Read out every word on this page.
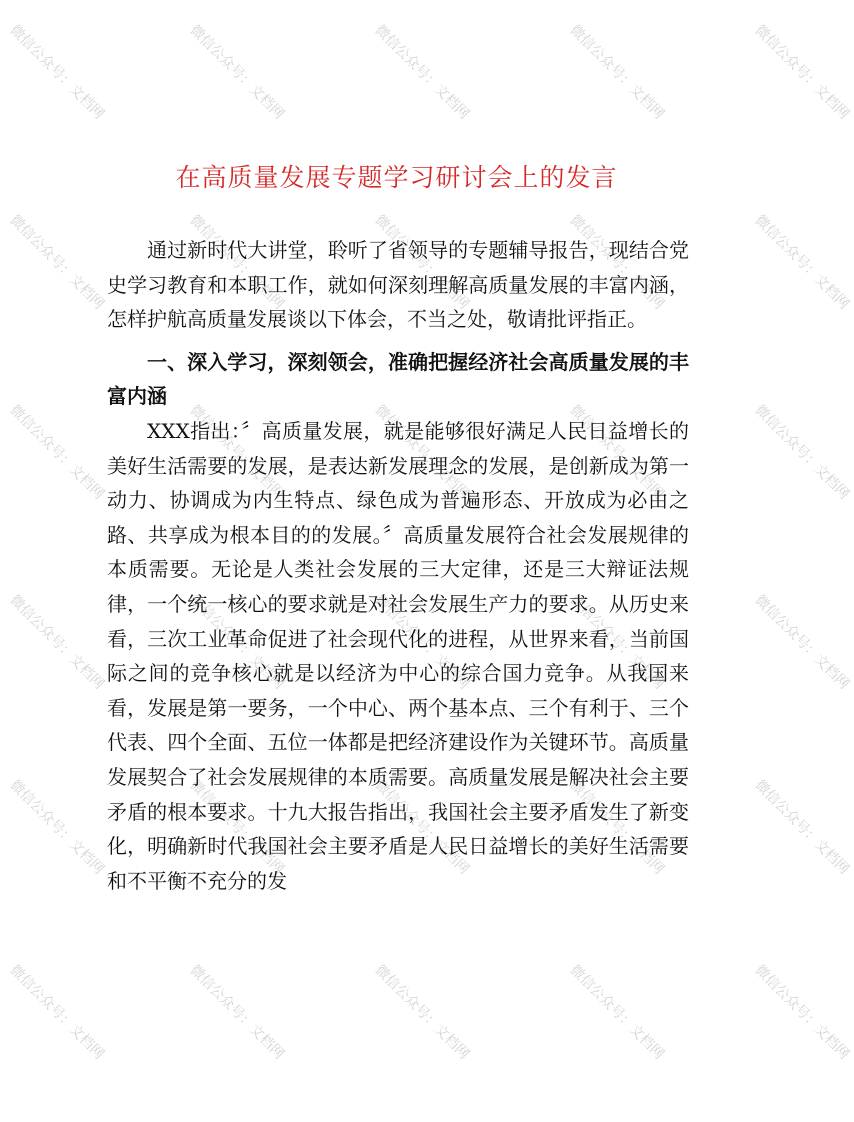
微信公众号：文档网	微信公众号：文档网	微信公众号：文档网	微信公众号：文档网	微信公众号：文档网
微信公众号：文档网	微信公众号：文档网	微信公众号：文档网	微信公众号：文档网	微信公众号：文档网
微信公众号：文档网	微信公众号：文档网	微信公众号：文档网	微信公众号：文档网	微信公众号：文档网
微信公众号：文档网	微信公众号：文档网	微信公众号：文档网	微信公众号：文档网	微信公众号：文档网
微信公众号：文档网	微信公众号：文档网	微信公众号：文档网	微信公众号：文档网	微信公众号：文档网
微信公众号：文档网	微信公众号：文档网	微信公众号：文档网	微信公众号：文档网	微信公众号：文档网
在高质量发展专题学习研讨会上的发言

通过新时代大讲堂，聆听了省领导的专题辅导报告，现结合党史学习教育和本职工作，就如何深刻理解高质量发展的丰富内涵，怎样护航高质量发展谈以下体会，不当之处，敬请批评指正。

一、深入学习，深刻领会，准确把握经济社会高质量发展的丰富内涵

XXX指出：〞高质量发展，就是能够很好满足人民日益增长的美好生活需要的发展，是表达新发展理念的发展，是创新成为第一动力、协调成为内生特点、绿色成为普遍形态、开放成为必由之路、共享成为根本目的的发展。〞高质量发展符合社会发展规律的本质需要。无论是人类社会发展的三大定律，还是三大辩证法规律，一个统一核心的要求就是对社会发展生产力的要求。从历史来看，三次工业革命促进了社会现代化的进程，从世界来看，当前国际之间的竞争核心就是以经济为中心的综合国力竞争。从我国来看，发展是第一要务，一个中心、两个基本点、三个有利于、三个代表、四个全面、五位一体都是把经济建设作为关键环节。高质量发展契合了社会发展规律的本质需要。高质量发展是解决社会主要矛盾的根本要求。十九大报告指出，我国社会主要矛盾发生了新变化，明确新时代我国社会主要矛盾是人民日益增长的美好生活需要和不平衡不充分的发
